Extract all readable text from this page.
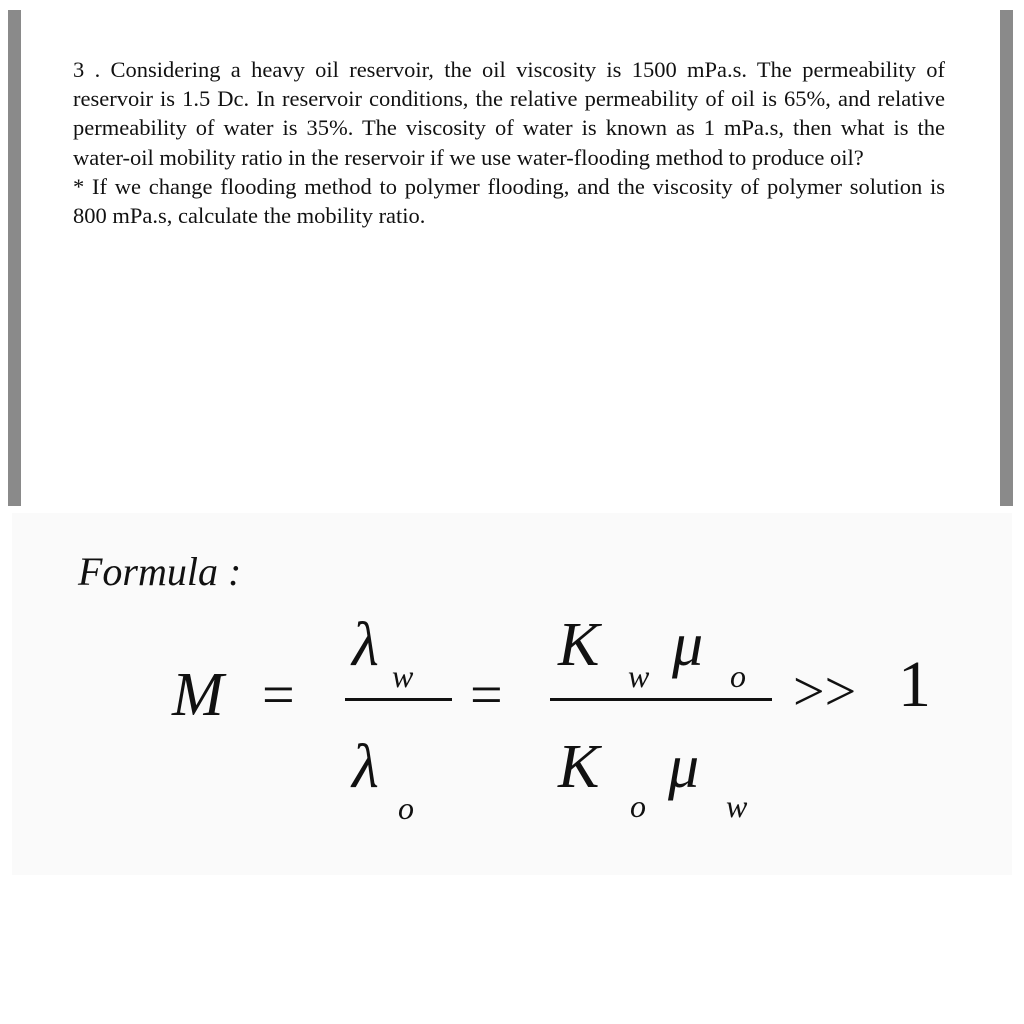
3 . Considering a heavy oil reservoir, the oil viscosity is 1500 mPa.s. The permeability of reservoir is 1.5 Dc. In reservoir conditions, the relative permeability of oil is 65%, and relative permeability of water is 35%. The viscosity of water is known as 1 mPa.s, then what is the water-oil mobility ratio in the reservoir if we use water-flooding method to produce oil?

* If we change flooding method to polymer flooding, and the viscosity of polymer solution is 800 mPa.s, calculate the mobility ratio.

Formula :

M =
λ w
λ
o
=
K w μ o
K
o
μ
w
>> 1
